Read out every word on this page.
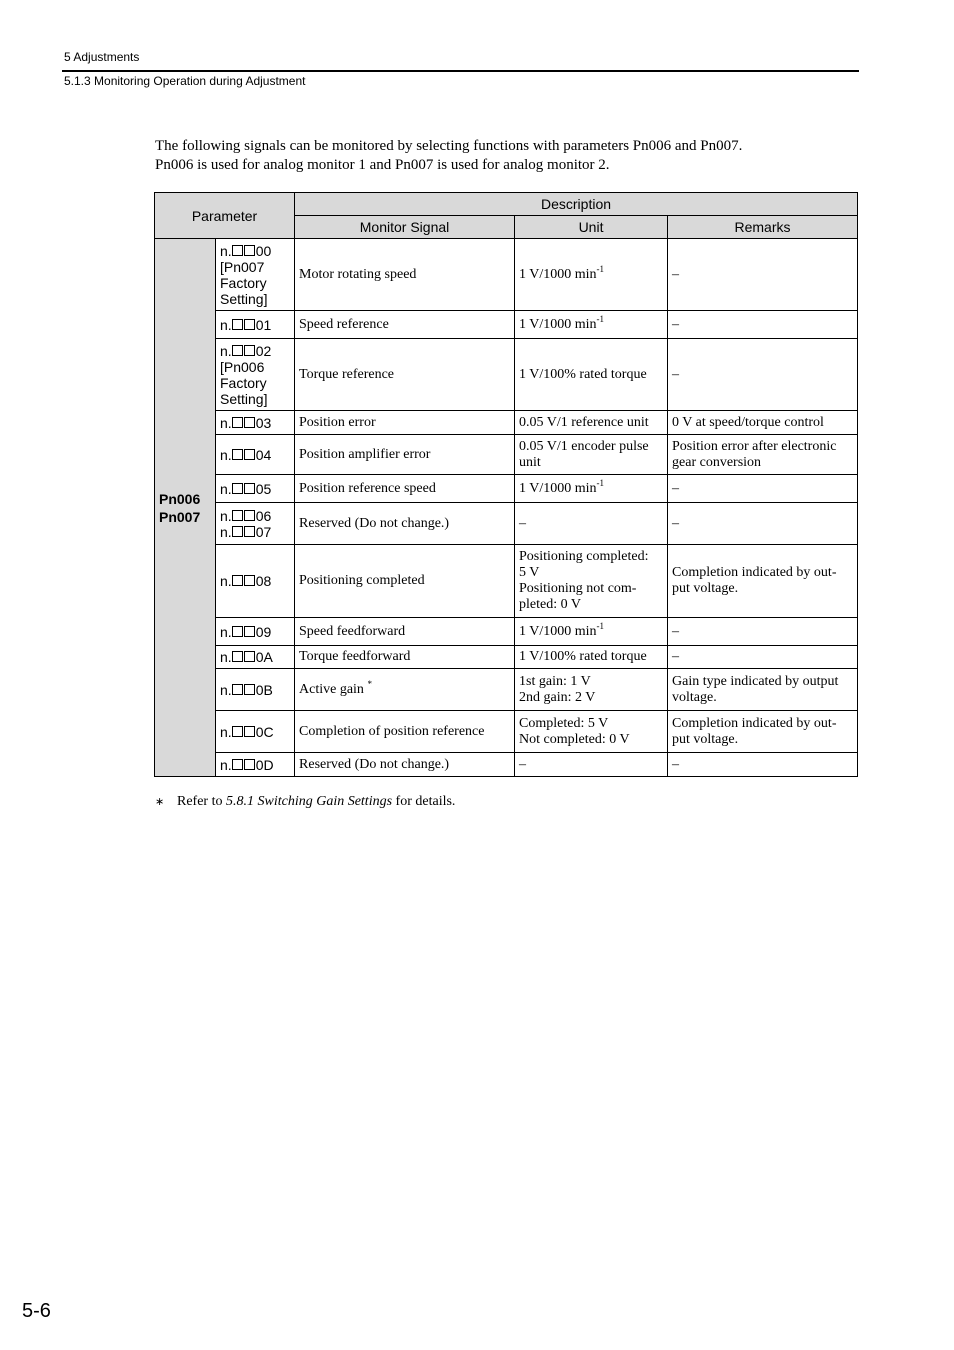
5 Adjustments
5.1.3 Monitoring Operation during Adjustment

The following signals can be monitored by selecting functions with parameters Pn006 and Pn007.

Pn006 is used for analog monitor 1 and Pn007 is used for analog monitor 2.

Parameter		Description		
		Monitor Signal	Unit	Remarks

Pn006
Pn007	n. 00
[Pn007
Factory
Setting]	Motor rotating speed	1 V/1000 $\min^{-1}$	–

	n. 01	Speed reference	1 V/1000 $\min^{-1}$	–

	n. 02
[Pn006
Factory
Setting]	Torque reference	1 V/100% rated torque	–

	n. 03	Position error	0.05 V/1 reference unit	0 V at speed/torque control

	n. 04	Position amplifier error	0.05 V/1 encoder pulse
unit	Position error after electronic
gear conversion

	n. 05	Position reference speed	1 V/1000 $\min^{-1}$	–

	n. 06
n. 07	Reserved (Do not change.)	–	–

	n. 08	Positioning completed	Positioning completed:
5 V
Positioning not com-
pleted: 0 V	Completion indicated by out-
put voltage.

	n. 09	Speed feedforward	1 V/1000 $\min^{-1}$	–

	n. 0A	Torque feedforward	1 V/100% rated torque	–

	n. 0B	Active gain *	1st gain: 1 V
2nd gain: 2 V	Gain type indicated by output
voltage.

	n. 0C	Completion of position reference	Completed: 5 V
Not completed: 0 V	Completion indicated by out-
put voltage.

	n. 0D	Reserved (Do not change.)	–	–
∗ Refer to 5.8.1 Switching Gain Settings for details.
5-6
